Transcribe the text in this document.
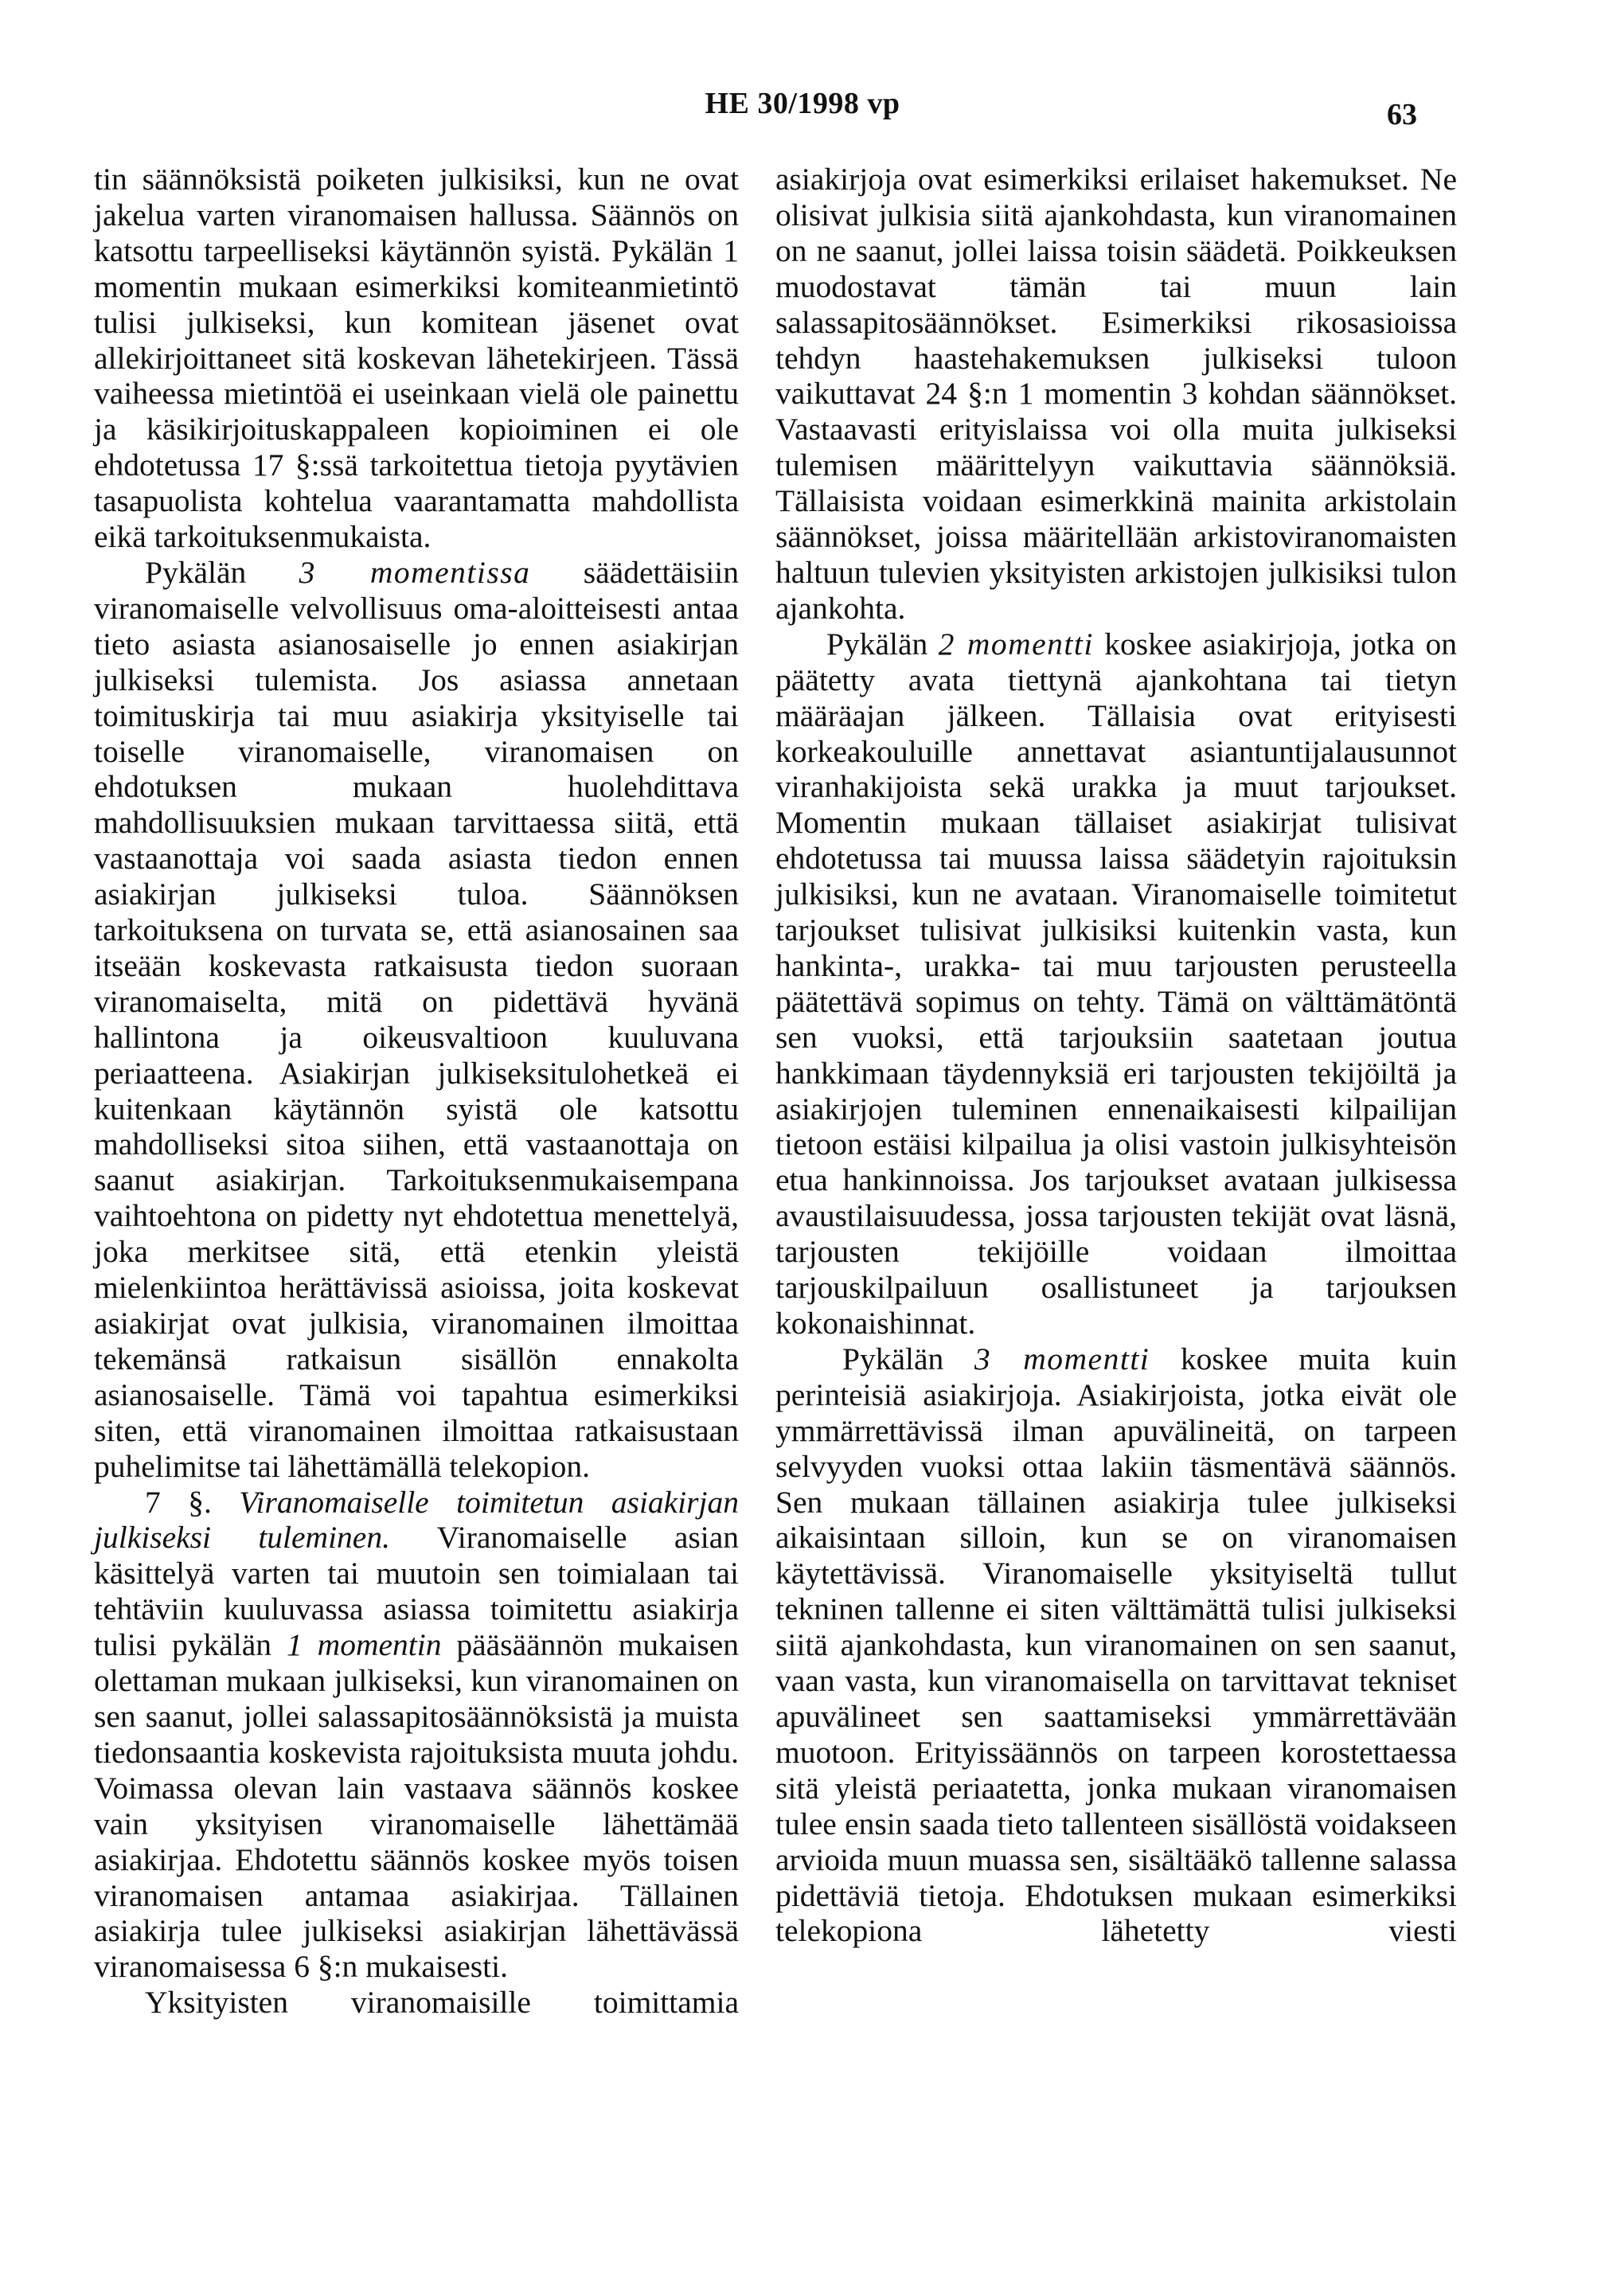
HE 30/1998 vp	63

tin säännöksistä poiketen julkisiksi, kun ne ovat jakelua varten viranomaisen hallussa. Säännös on katsottu tarpeelliseksi käytännön syistä. Pykälän 1 momentin mukaan esimerkiksi komiteanmietintö tulisi julkiseksi, kun komitean jäsenet ovat allekirjoittaneet sitä koskevan lähetekirjeen. Tässä vaiheessa mietintöä ei useinkaan vielä ole painettu ja käsikirjoituskappaleen kopioiminen ei ole ehdotetussa 17 §:ssä tarkoitettua tietoja pyytävien tasapuolista kohtelua vaarantamatta mahdollista eikä tarkoituksenmukaista.

Pykälän 3 momentissa säädettäisiin viranomaiselle velvollisuus oma-aloitteisesti antaa tieto asiasta asianosaiselle jo ennen asiakirjan julkiseksi tulemista. Jos asiassa annetaan toimituskirja tai muu asiakirja yksityiselle tai toiselle viranomaiselle, viranomaisen on ehdotuksen mukaan huolehdittava mahdollisuuksien mukaan tarvittaessa siitä, että vastaanottaja voi saada asiasta tiedon ennen asiakirjan julkiseksi tuloa. Säännöksen tarkoituksena on turvata se, että asianosainen saa itseään koskevasta ratkaisusta tiedon suoraan viranomaiselta, mitä on pidettävä hyvänä hallintona ja oikeusvaltioon kuuluvana periaatteena. Asiakirjan julkiseksitulohetkeä ei kuitenkaan käytännön syistä ole katsottu mahdolliseksi sitoa siihen, että vastaanottaja on saanut asiakirjan. Tarkoituksenmukaisempana vaihtoehtona on pidetty nyt ehdotettua menettelyä, joka merkitsee sitä, että etenkin yleistä mielenkiintoa herättävissä asioissa, joita koskevat asiakirjat ovat julkisia, viranomainen ilmoittaa tekemänsä ratkaisun sisällön ennakolta asianosaiselle. Tämä voi tapahtua esimerkiksi siten, että viranomainen ilmoittaa ratkaisustaan puhelimitse tai lähettämällä telekopion.

7 §. Viranomaiselle toimitetun asiakirjan julkiseksi tuleminen. Viranomaiselle asian käsittelyä varten tai muutoin sen toimialaan tai tehtäviin kuuluvassa asiassa toimitettu asiakirja tulisi pykälän 1 momentin pääsäännön mukaisen olettaman mukaan julkiseksi, kun viranomainen on sen saanut, jollei salassapitosäännöksistä ja muista tiedonsaantia koskevista rajoituksista muuta johdu. Voimassa olevan lain vastaava säännös koskee vain yksityisen viranomaiselle lähettämää asiakirjaa. Ehdotettu säännös koskee myös toisen viranomaisen antamaa asiakirjaa. Tällainen asiakirja tulee julkiseksi asiakirjan lähettävässä viranomaisessa 6 §:n mukaisesti.

Yksityisten viranomaisille toimittamia

asiakirjoja ovat esimerkiksi erilaiset hakemukset. Ne olisivat julkisia siitä ajankohdasta, kun viranomainen on ne saanut, jollei laissa toisin säädetä. Poikkeuksen muodostavat tämän tai muun lain salassapitosäännökset. Esimerkiksi rikosasioissa tehdyn haastehakemuksen julkiseksi tuloon vaikuttavat 24 §:n 1 momentin 3 kohdan säännökset. Vastaavasti erityislaissa voi olla muita julkiseksi tulemisen määrittelyyn vaikuttavia säännöksiä. Tällaisista voidaan esimerkkinä mainita arkistolain säännökset, joissa määritellään arkistoviranomaisten haltuun tulevien yksityisten arkistojen julkisiksi tulon ajankohta.

Pykälän 2 momentti koskee asiakirjoja, jotka on päätetty avata tiettynä ajankohtana tai tietyn määräajan jälkeen. Tällaisia ovat erityisesti korkeakouluille annettavat asiantuntijalausunnot viranhakijoista sekä urakka ja muut tarjoukset. Momentin mukaan tällaiset asiakirjat tulisivat ehdotetussa tai muussa laissa säädetyin rajoituksin julkisiksi, kun ne avataan. Viranomaiselle toimitetut tarjoukset tulisivat julkisiksi kuitenkin vasta, kun hankinta-, urakka- tai muu tarjousten perusteella päätettävä sopimus on tehty. Tämä on välttämätöntä sen vuoksi, että tarjouksiin saatetaan joutua hankkimaan täydennyksiä eri tarjousten tekijöiltä ja asiakirjojen tuleminen ennenaikaisesti kilpailijan tietoon estäisi kilpailua ja olisi vastoin julkisyhteisön etua hankinnoissa. Jos tarjoukset avataan julkisessa avaustilaisuudessa, jossa tarjousten tekijät ovat läsnä, tarjousten tekijöille voidaan ilmoittaa tarjouskilpailuun osallistuneet ja tarjouksen kokonaishinnat.

Pykälän 3 momentti koskee muita kuin perinteisiä asiakirjoja. Asiakirjoista, jotka eivät ole ymmärrettävissä ilman apuvälineitä, on tarpeen selvyyden vuoksi ottaa lakiin täsmentävä säännös. Sen mukaan tällainen asiakirja tulee julkiseksi aikaisintaan silloin, kun se on viranomaisen käytettävissä. Viranomaiselle yksityiseltä tullut tekninen tallenne ei siten välttämättä tulisi julkiseksi siitä ajankohdasta, kun viranomainen on sen saanut, vaan vasta, kun viranomaisella on tarvittavat tekniset apuvälineet sen saattamiseksi ymmärrettävään muotoon. Erityissäännös on tarpeen korostettaessa sitä yleistä periaatetta, jonka mukaan viranomaisen tulee ensin saada tieto tallenteen sisällöstä voidakseen arvioida muun muassa sen, sisältääkö tallenne salassa pidettäviä tietoja. Ehdotuksen mukaan esimerkiksi telekopiona lähetetty viesti
